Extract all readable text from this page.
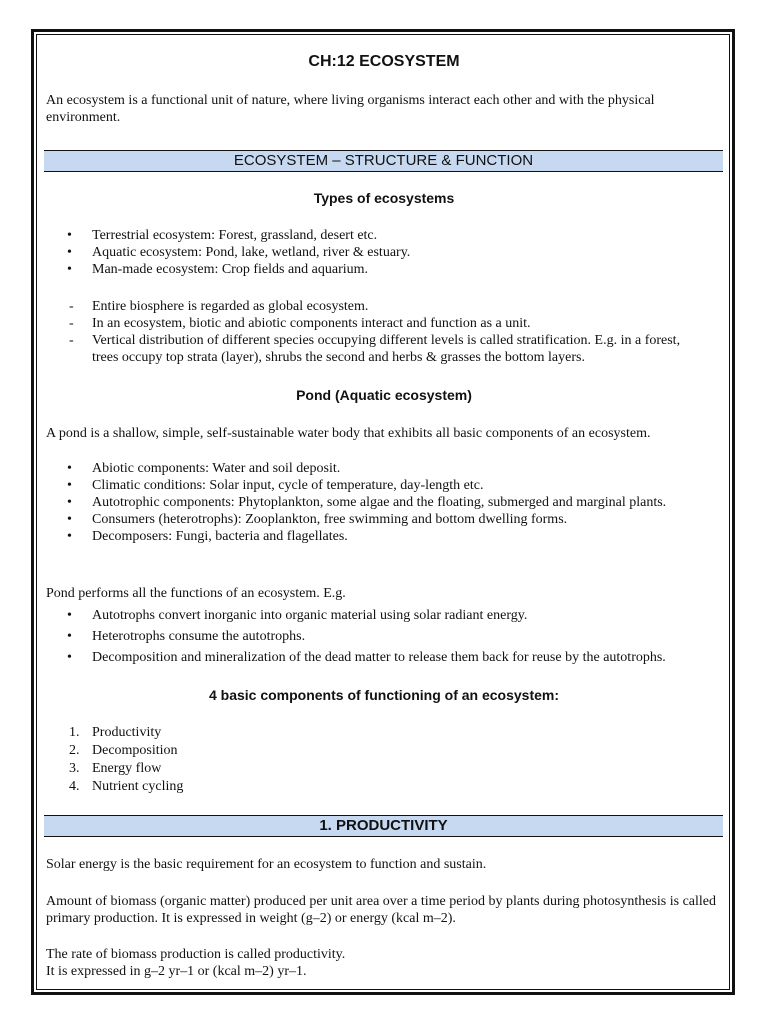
CH:12 ECOSYSTEM
An ecosystem is a functional unit of nature, where living organisms interact each other and with the physical environment.
ECOSYSTEM – STRUCTURE & FUNCTION
Types of ecosystems
• Terrestrial ecosystem: Forest, grassland, desert etc.
• Aquatic ecosystem: Pond, lake, wetland, river & estuary.
• Man-made ecosystem: Crop fields and aquarium.
- Entire biosphere is regarded as global ecosystem.
- In an ecosystem, biotic and abiotic components interact and function as a unit.
- Vertical distribution of different species occupying different levels is called stratification. E.g. in a forest, trees occupy top strata (layer), shrubs the second and herbs & grasses the bottom layers.
Pond (Aquatic ecosystem)
A pond is a shallow, simple, self-sustainable water body that exhibits all basic components of an ecosystem.
• Abiotic components: Water and soil deposit.
• Climatic conditions: Solar input, cycle of temperature, day-length etc.
• Autotrophic components: Phytoplankton, some algae and the floating, submerged and marginal plants.
• Consumers (heterotrophs): Zooplankton, free swimming and bottom dwelling forms.
• Decomposers: Fungi, bacteria and flagellates.
Pond performs all the functions of an ecosystem. E.g.
• Autotrophs convert inorganic into organic material using solar radiant energy.
• Heterotrophs consume the autotrophs.
• Decomposition and mineralization of the dead matter to release them back for reuse by the autotrophs.
4 basic components of functioning of an ecosystem:
1. Productivity
2. Decomposition
3. Energy flow
4. Nutrient cycling
1. PRODUCTIVITY
Solar energy is the basic requirement for an ecosystem to function and sustain.
Amount of biomass (organic matter) produced per unit area over a time period by plants during photosynthesis is called primary production. It is expressed in weight (g–2) or energy (kcal m–2).
The rate of biomass production is called productivity.
It is expressed in g–2 yr–1 or (kcal m–2) yr–1.
